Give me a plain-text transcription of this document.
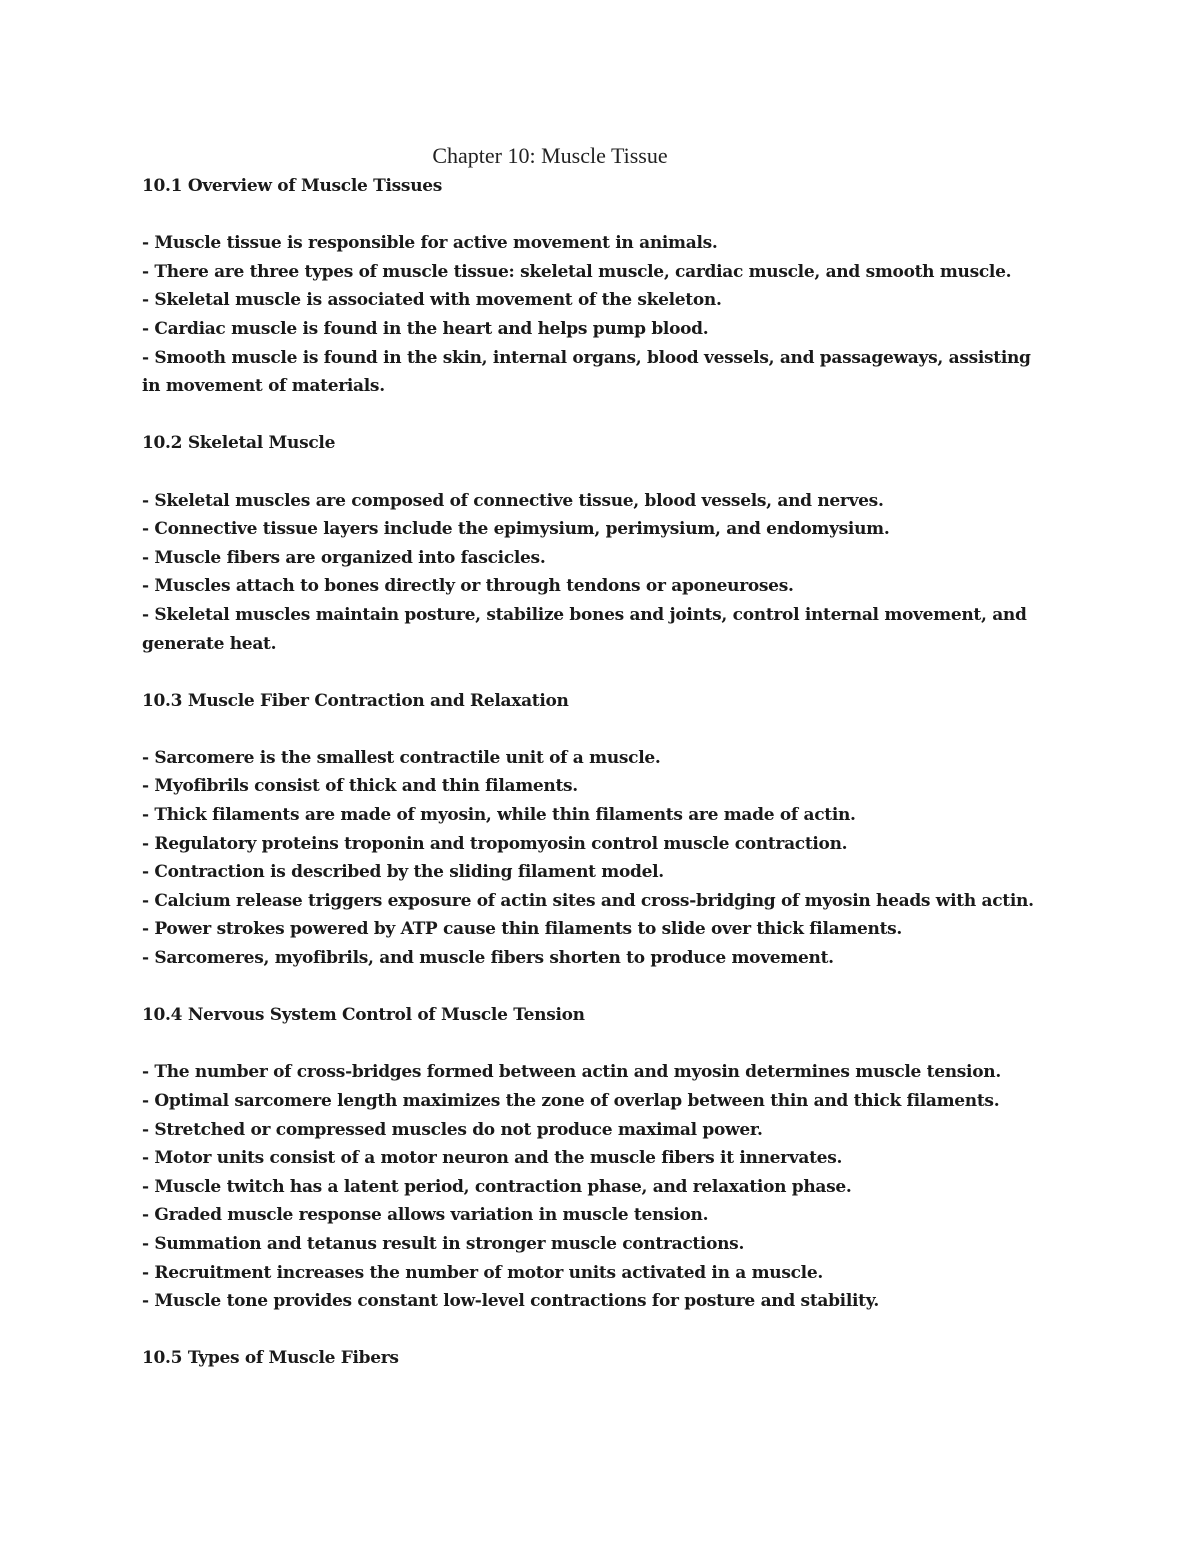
Chapter 10: Muscle Tissue
10.1 Overview of Muscle Tissues
- Muscle tissue is responsible for active movement in animals.
- There are three types of muscle tissue: skeletal muscle, cardiac muscle, and smooth muscle.
- Skeletal muscle is associated with movement of the skeleton.
- Cardiac muscle is found in the heart and helps pump blood.
- Smooth muscle is found in the skin, internal organs, blood vessels, and passageways, assisting in movement of materials.
10.2 Skeletal Muscle
- Skeletal muscles are composed of connective tissue, blood vessels, and nerves.
- Connective tissue layers include the epimysium, perimysium, and endomysium.
- Muscle fibers are organized into fascicles.
- Muscles attach to bones directly or through tendons or aponeuroses.
- Skeletal muscles maintain posture, stabilize bones and joints, control internal movement, and generate heat.
10.3 Muscle Fiber Contraction and Relaxation
- Sarcomere is the smallest contractile unit of a muscle.
- Myofibrils consist of thick and thin filaments.
- Thick filaments are made of myosin, while thin filaments are made of actin.
- Regulatory proteins troponin and tropomyosin control muscle contraction.
- Contraction is described by the sliding filament model.
- Calcium release triggers exposure of actin sites and cross-bridging of myosin heads with actin.
- Power strokes powered by ATP cause thin filaments to slide over thick filaments.
- Sarcomeres, myofibrils, and muscle fibers shorten to produce movement.
10.4 Nervous System Control of Muscle Tension
- The number of cross-bridges formed between actin and myosin determines muscle tension.
- Optimal sarcomere length maximizes the zone of overlap between thin and thick filaments.
- Stretched or compressed muscles do not produce maximal power.
- Motor units consist of a motor neuron and the muscle fibers it innervates.
- Muscle twitch has a latent period, contraction phase, and relaxation phase.
- Graded muscle response allows variation in muscle tension.
- Summation and tetanus result in stronger muscle contractions.
- Recruitment increases the number of motor units activated in a muscle.
- Muscle tone provides constant low-level contractions for posture and stability.
10.5 Types of Muscle Fibers
